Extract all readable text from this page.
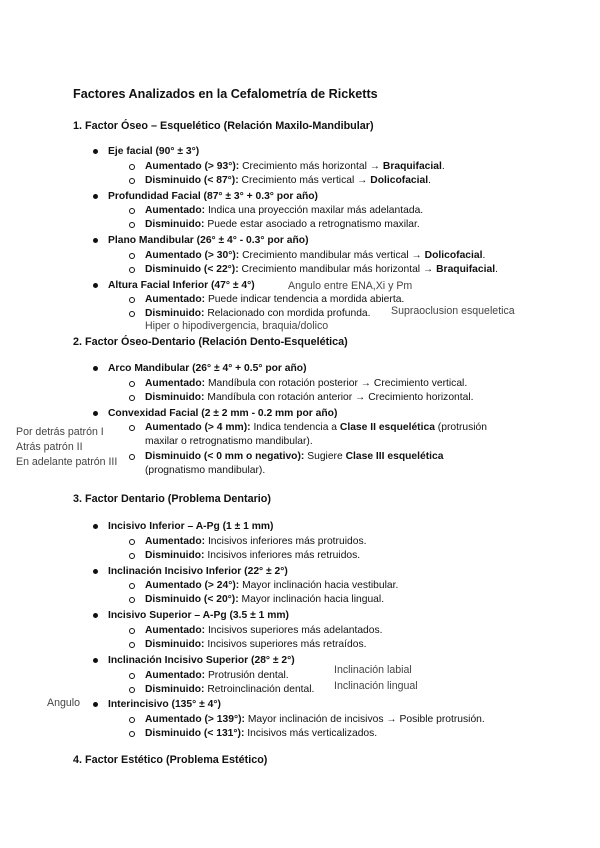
Factores Analizados en la Cefalometría de Ricketts
1. Factor Óseo – Esquelético (Relación Maxilo-Mandibular)
Eje facial (90° ± 3°)
Aumentado (> 93°): Crecimiento más horizontal → Braquifacial.
Disminuido (< 87°): Crecimiento más vertical → Dolicofacial.
Profundidad Facial (87° ± 3° + 0.3° por año)
Aumentado: Indica una proyección maxilar más adelantada.
Disminuido: Puede estar asociado a retrognatismo maxilar.
Plano Mandibular (26° ± 4° - 0.3° por año)
Aumentado (> 30°): Crecimiento mandibular más vertical → Dolicofacial.
Disminuido (< 22°): Crecimiento mandibular más horizontal → Braquifacial.
Altura Facial Inferior (47° ± 4°)	Angulo entre ENA,Xi y Pm
Aumentado: Puede indicar tendencia a mordida abierta.
Disminuido: Relacionado con mordida profunda. Supraoclusion esqueletica
Hiper o hipodivergencia, braquia/dolico
2. Factor Óseo-Dentario (Relación Dento-Esquelética)
Arco Mandibular (26° ± 4° + 0.5° por año)
Aumentado: Mandíbula con rotación posterior → Crecimiento vertical.
Disminuido: Mandíbula con rotación anterior → Crecimiento horizontal.
Convexidad Facial (2 ± 2 mm - 0.2 mm por año)
Aumentado (> 4 mm): Indica tendencia a Clase II esquelética (protrusión
maxilar o retrognatismo mandibular).
Disminuido (< 0 mm o negativo): Sugiere Clase III esquelética
(prognatismo mandibular).
Por detrás patrón I
Atrás patrón II
En adelante patrón III
3. Factor Dentario (Problema Dentario)
Incisivo Inferior – A-Pg (1 ± 1 mm)
Aumentado: Incisivos inferiores más protruidos.
Disminuido: Incisivos inferiores más retruidos.
Inclinación Incisivo Inferior (22° ± 2°)
Aumentado (> 24°): Mayor inclinación hacia vestibular.
Disminuido (< 20°): Mayor inclinación hacia lingual.
Incisivo Superior – A-Pg (3.5 ± 1 mm)
Aumentado: Incisivos superiores más adelantados.
Disminuido: Incisivos superiores más retraídos.
Inclinación Incisivo Superior (28° ± 2°)
Inclinación labial
Aumentado: Protrusión dental.
Disminuido: Retroinclinación dental. Inclinación lingual
Angulo	Interincisivo (135° ± 4°)
Aumentado (> 139°): Mayor inclinación de incisivos → Posible protrusión.
Disminuido (< 131°): Incisivos más verticalizados.
4. Factor Estético (Problema Estético)
